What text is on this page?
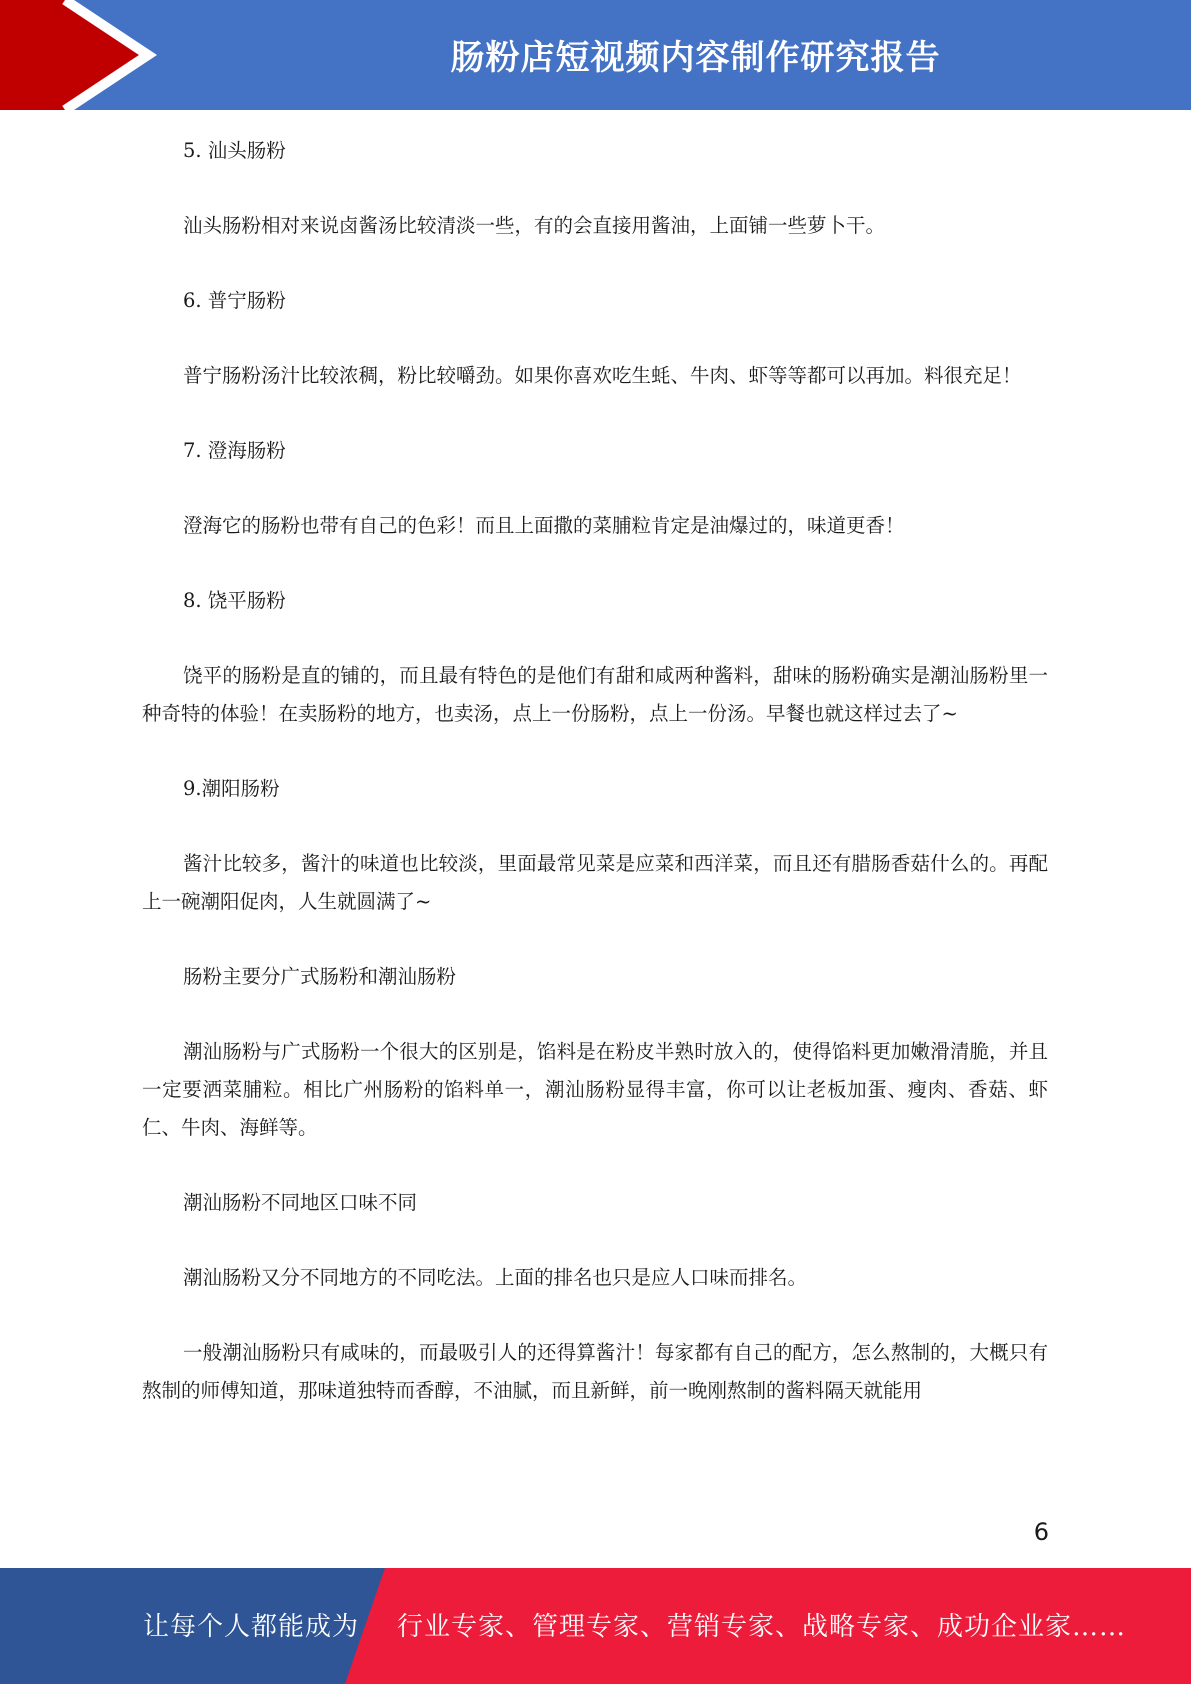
肠粉店短视频内容制作研究报告

5. 汕头肠粉

汕头肠粉相对来说卤酱汤比较清淡一些，有的会直接用酱油，上面铺一些萝卜干。

6. 普宁肠粉

普宁肠粉汤汁比较浓稠，粉比较嚼劲。如果你喜欢吃生蚝、牛肉、虾等等都可以再加。料很充足！

7. 澄海肠粉

澄海它的肠粉也带有自己的色彩！而且上面撒的菜脯粒肯定是油爆过的，味道更香！

8. 饶平肠粉

饶平的肠粉是直的铺的，而且最有特色的是他们有甜和咸两种酱料，甜味的肠粉确实是潮汕肠粉里一种奇特的体验！在卖肠粉的地方，也卖汤，点上一份肠粉，点上一份汤。早餐也就这样过去了~

9.潮阳肠粉

酱汁比较多，酱汁的味道也比较淡，里面最常见菜是应菜和西洋菜，而且还有腊肠香菇什么的。再配上一碗潮阳促肉，人生就圆满了~

肠粉主要分广式肠粉和潮汕肠粉

潮汕肠粉与广式肠粉一个很大的区别是，馅料是在粉皮半熟时放入的，使得馅料更加嫩滑清脆，并且一定要洒菜脯粒。相比广州肠粉的馅料单一，潮汕肠粉显得丰富，你可以让老板加蛋、瘦肉、香菇、虾仁、牛肉、海鲜等。

潮汕肠粉不同地区口味不同

潮汕肠粉又分不同地方的不同吃法。上面的排名也只是应人口味而排名。

一般潮汕肠粉只有咸味的，而最吸引人的还得算酱汁！每家都有自己的配方，怎么熬制的，大概只有熬制的师傅知道，那味道独特而香醇，不油腻，而且新鲜，前一晚刚熬制的酱料隔天就能用

6
让每个人都能成为 行业专家、管理专家、营销专家、战略专家、成功企业家……
